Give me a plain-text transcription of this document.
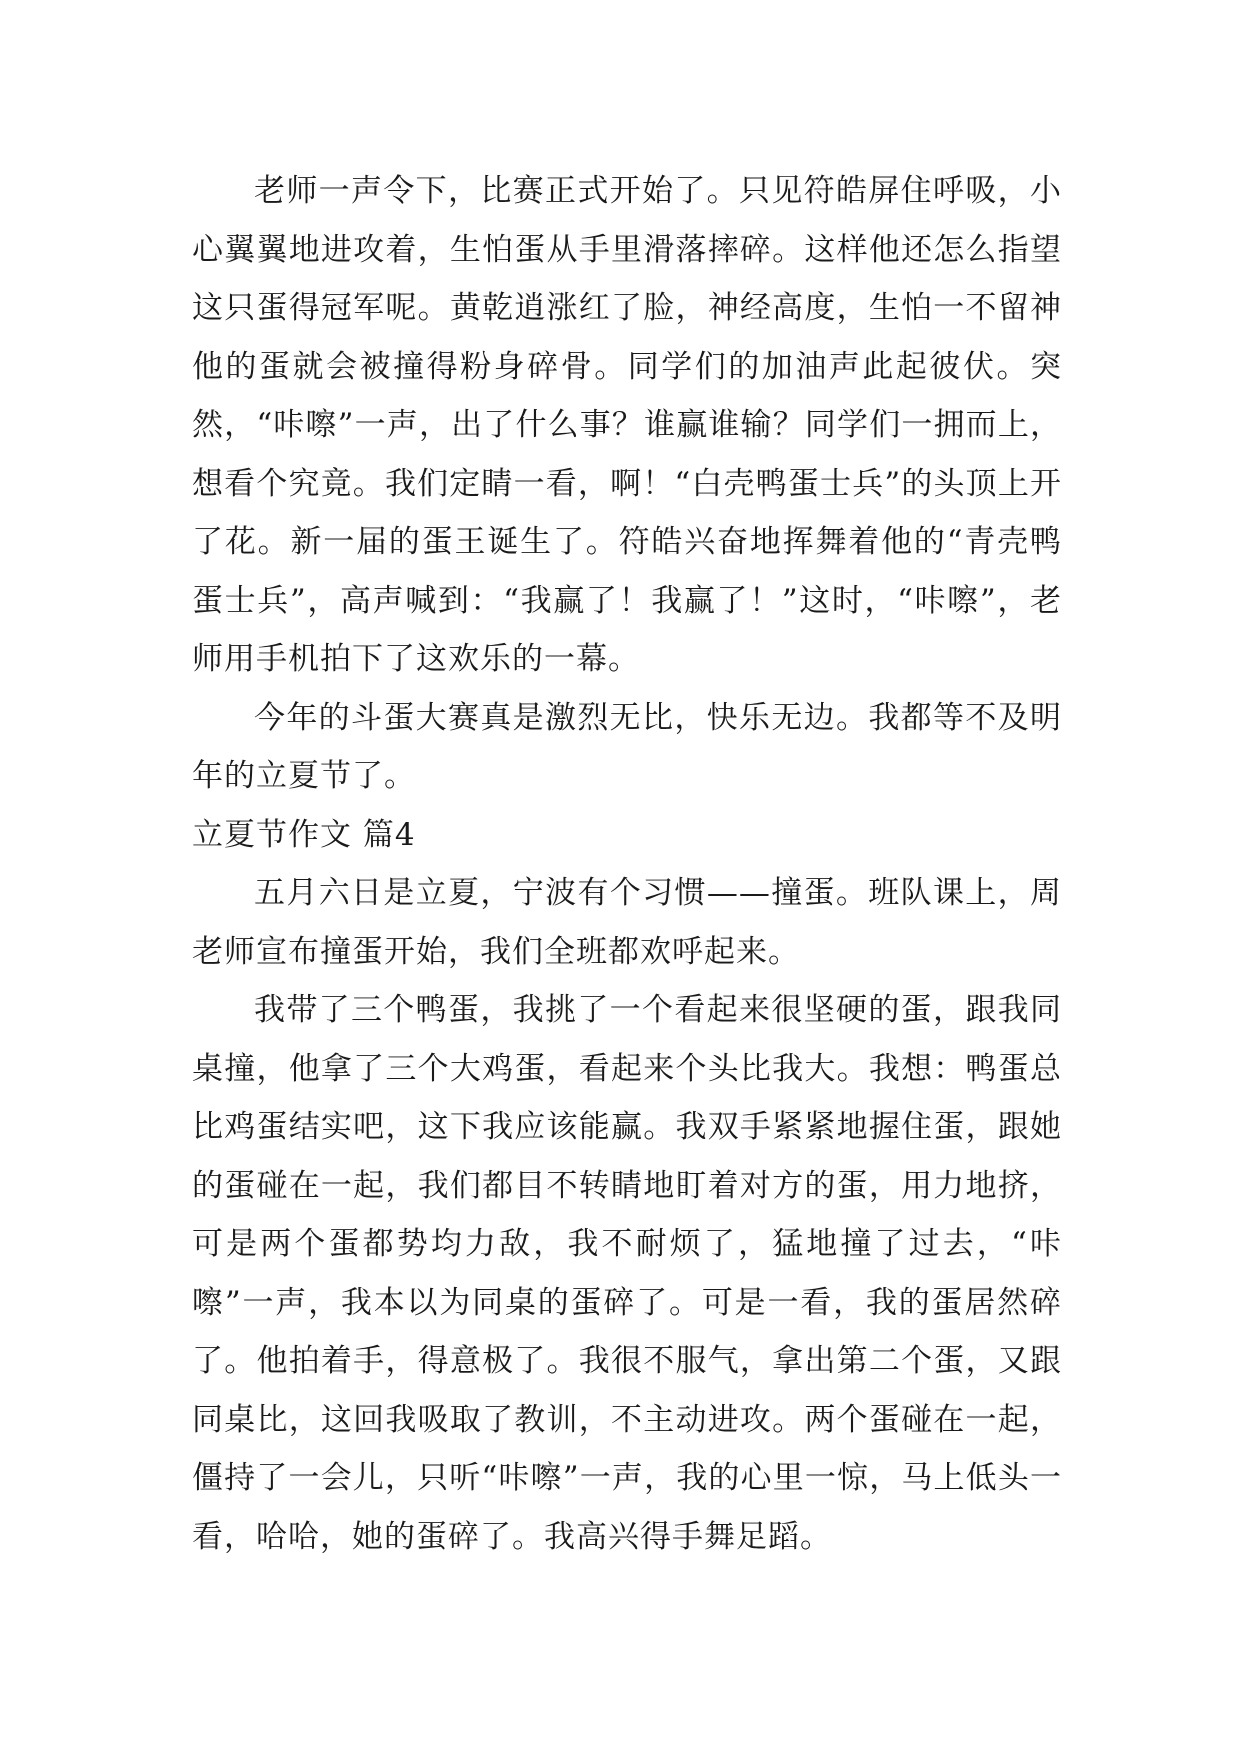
老师一声令下，比赛正式开始了。只见符皓屏住呼吸，小心翼翼地进攻着，生怕蛋从手里滑落摔碎。这样他还怎么指望这只蛋得冠军呢。黄乾逍涨红了脸，神经高度，生怕一不留神他的蛋就会被撞得粉身碎骨。同学们的加油声此起彼伏。突然，“咔嚓”一声，出了什么事？谁赢谁输？同学们一拥而上，想看个究竟。我们定睛一看，啊！“白壳鸭蛋士兵”的头顶上开了花。新一届的蛋王诞生了。符皓兴奋地挥舞着他的“青壳鸭蛋士兵”，高声喊到：“我赢了！我赢了！”这时，“咔嚓”，老师用手机拍下了这欢乐的一幕。

今年的斗蛋大赛真是激烈无比，快乐无边。我都等不及明年的立夏节了。

立夏节作文 篇4

五月六日是立夏，宁波有个习惯——撞蛋。班队课上，周老师宣布撞蛋开始，我们全班都欢呼起来。

我带了三个鸭蛋，我挑了一个看起来很坚硬的蛋，跟我同桌撞，他拿了三个大鸡蛋，看起来个头比我大。我想：鸭蛋总比鸡蛋结实吧，这下我应该能赢。我双手紧紧地握住蛋，跟她的蛋碰在一起，我们都目不转睛地盯着对方的蛋，用力地挤，可是两个蛋都势均力敌，我不耐烦了，猛地撞了过去，“咔嚓”一声，我本以为同桌的蛋碎了。可是一看，我的蛋居然碎了。他拍着手，得意极了。我很不服气，拿出第二个蛋，又跟同桌比，这回我吸取了教训，不主动进攻。两个蛋碰在一起，僵持了一会儿，只听“咔嚓”一声，我的心里一惊，马上低头一看，哈哈，她的蛋碎了。我高兴得手舞足蹈。
